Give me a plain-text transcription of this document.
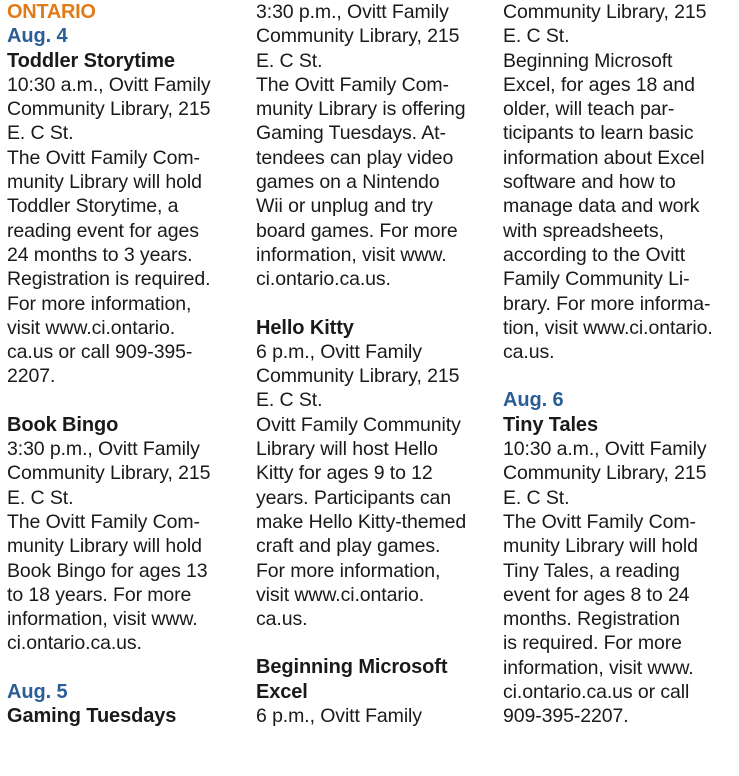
ONTARIO
Aug. 4
Toddler Storytime
10:30 a.m., Ovitt Family
Community Library, 215
E. C St.
The Ovitt Family Com-
munity Library will hold
Toddler Storytime, a
reading event for ages
24 months to 3 years.
Registration is required.
For more information,
visit www.ci.ontario.
ca.us or call 909-395-
2207.
Book Bingo
3:30 p.m., Ovitt Family
Community Library, 215
E. C St.
The Ovitt Family Com-
munity Library will hold
Book Bingo for ages 13
to 18 years. For more
information, visit www.
ci.ontario.ca.us.
Aug. 5
Gaming Tuesdays
3:30 p.m., Ovitt Family
Community Library, 215
E. C St.
The Ovitt Family Com-
munity Library is offering
Gaming Tuesdays. At-
tendees can play video
games on a Nintendo
Wii or unplug and try
board games. For more
information, visit www.
ci.ontario.ca.us.
Hello Kitty
6 p.m., Ovitt Family
Community Library, 215
E. C St.
Ovitt Family Community
Library will host Hello
Kitty for ages 9 to 12
years. Participants can
make Hello Kitty-themed
craft and play games.
For more information,
visit www.ci.ontario.
ca.us.
Beginning Microsoft
Excel
6 p.m., Ovitt Family
Community Library, 215
E. C St.
Beginning Microsoft
Excel, for ages 18 and
older, will teach par-
ticipants to learn basic
information about Excel
software and how to
manage data and work
with spreadsheets,
according to the Ovitt
Family Community Li-
brary. For more informa-
tion, visit www.ci.ontario.
ca.us.
Aug. 6
Tiny Tales
10:30 a.m., Ovitt Family
Community Library, 215
E. C St.
The Ovitt Family Com-
munity Library will hold
Tiny Tales, a reading
event for ages 8 to 24
months. Registration
is required. For more
information, visit www.
ci.ontario.ca.us or call
909-395-2207.
